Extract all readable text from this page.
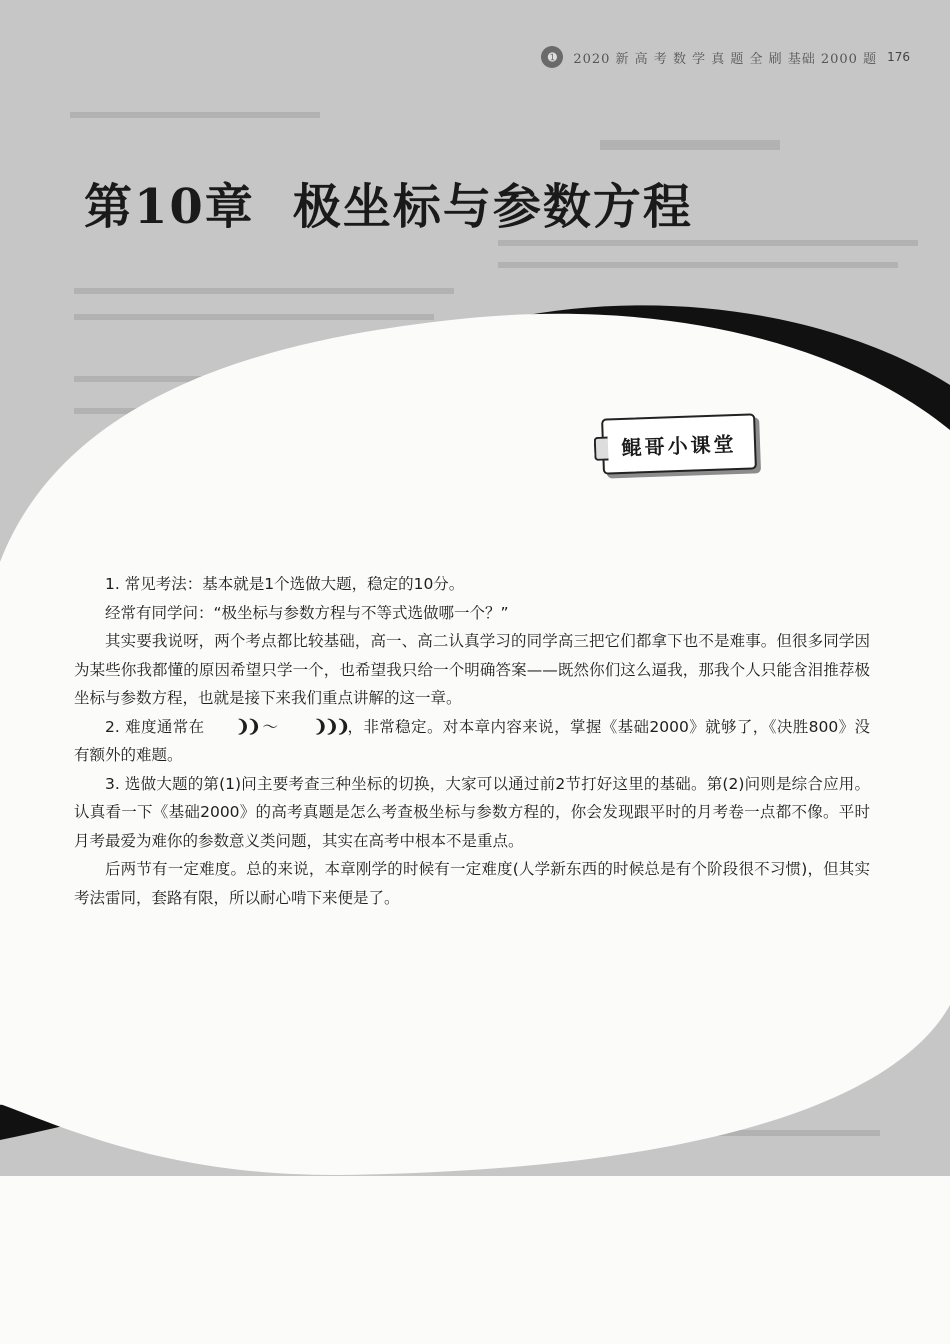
➊	2020 新 高 考 数 学 真 题 全 刷 基础 2000 题 176
第10章 极坐标与参数方程
鲲哥小课堂

1. 常见考法：基本就是1个选做大题，稳定的10分。

经常有同学问：“极坐标与参数方程与不等式选做哪一个？”

其实要我说呀，两个考点都比较基础，高一、高二认真学习的同学高三把它们都拿下也不是难事。但很多同学因为某些你我都懂的原因希望只学一个，也希望我只给一个明确答案——既然你们这么逼我，那我个人只能含泪推荐极坐标与参数方程，也就是接下来我们重点讲解的这一章。

2. 难度通常在 ❩❩ ～ ❩❩❩，非常稳定。对本章内容来说，掌握《基础2000》就够了，《决胜800》没有额外的难题。

3. 选做大题的第(1)问主要考查三种坐标的切换，大家可以通过前2节打好这里的基础。第(2)问则是综合应用。认真看一下《基础2000》的高考真题是怎么考查极坐标与参数方程的，你会发现跟平时的月考卷一点都不像。平时月考最爱为难你的参数意义类问题，其实在高考中根本不是重点。

后两节有一定难度。总的来说，本章刚学的时候有一定难度(人学新东西的时候总是有个阶段很不习惯)，但其实考法雷同，套路有限，所以耐心啃下来便是了。
